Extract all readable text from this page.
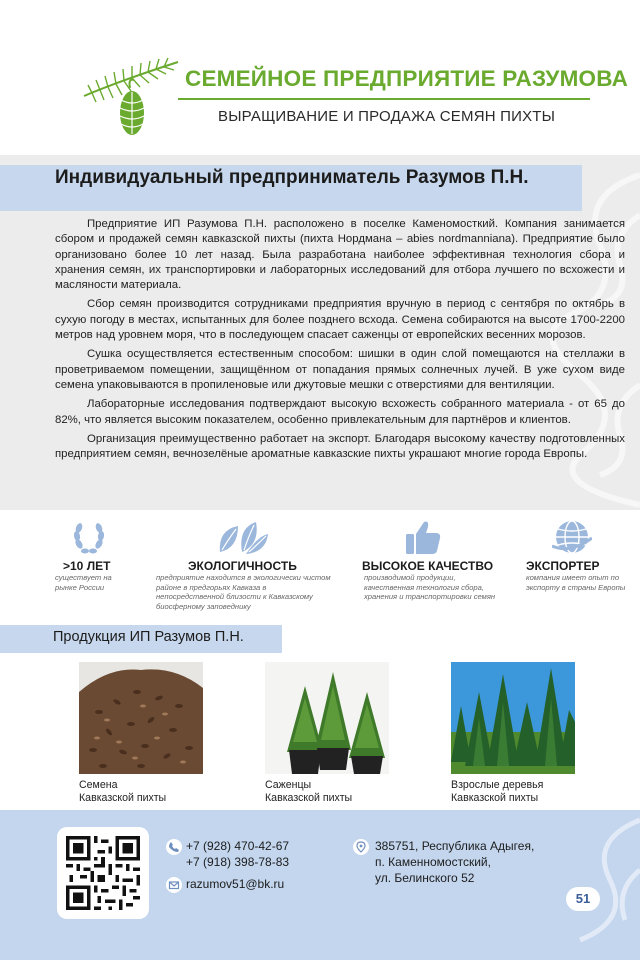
СЕМЕЙНОЕ ПРЕДПРИЯТИЕ РАЗУМОВА
ВЫРАЩИВАНИЕ И ПРОДАЖА СЕМЯН ПИХТЫ
Индивидуальный предприниматель Разумов П.Н.

Предприятие ИП Разумова П.Н. расположено в поселке Каменомосткий. Компания занимается сбором и продажей семян кавказской пихты (пихта Нордмана – abies nordmanniana). Предприятие было организовано более 10 лет назад. Была разработана наиболее эффективная технология сбора и хранения семян, их транспортировки и лабораторных исследований для отбора лучшего по всхожести и масляности материала.

Сбор семян производится сотрудниками предприятия вручную в период с сентября по октябрь в сухую погоду в местах, испытанных для более позднего всхода. Семена собираются на высоте 1700-2200 метров над уровнем моря, что в последующем спасает саженцы от европейских весенних морозов.

Сушка осуществляется естественным способом: шишки в один слой помещаются на стеллажи в проветриваемом помещении, защищённом от попадания прямых солнечных лучей. В уже сухом виде семена упаковываются в пропиленовые или джутовые мешки с отверстиями для вентиляции.

Лабораторные исследования подтверждают высокую всхожесть собранного материала - от 65 до 82%, что является высоким показателем, особенно привлекательным для партнёров и клиентов.

Организация преимущественно работает на экспорт. Благодаря высокому качеству подготовленных предприятием семян, вечнозелёные ароматные кавказские пихты украшают многие города Европы.

>10 ЛЕТ
существует на рынке России
ЭКОЛОГИЧНОСТЬ
предприятие находится в экологически чистом районе в предгорьях Кавказа в непосредственной близости к Кавказскому биосферному заповеднику
ВЫСОКОЕ КАЧЕСТВО
производимой продукции, качественная технология сбора, хранения и транспортировки семян
ЭКСПОРТЕР
компания имеет опыт по экспорту в страны Европы
Продукция ИП Разумов П.Н.
Семена
Кавказской пихты
Саженцы
Кавказской пихты
Взрослые деревья
Кавказской пихты
+7 (928) 470-42-67
+7 (918) 398-78-83
razumov51@bk.ru
385751, Республика Адыгея,
п. Каменномостский,
ул. Белинского 52
51
